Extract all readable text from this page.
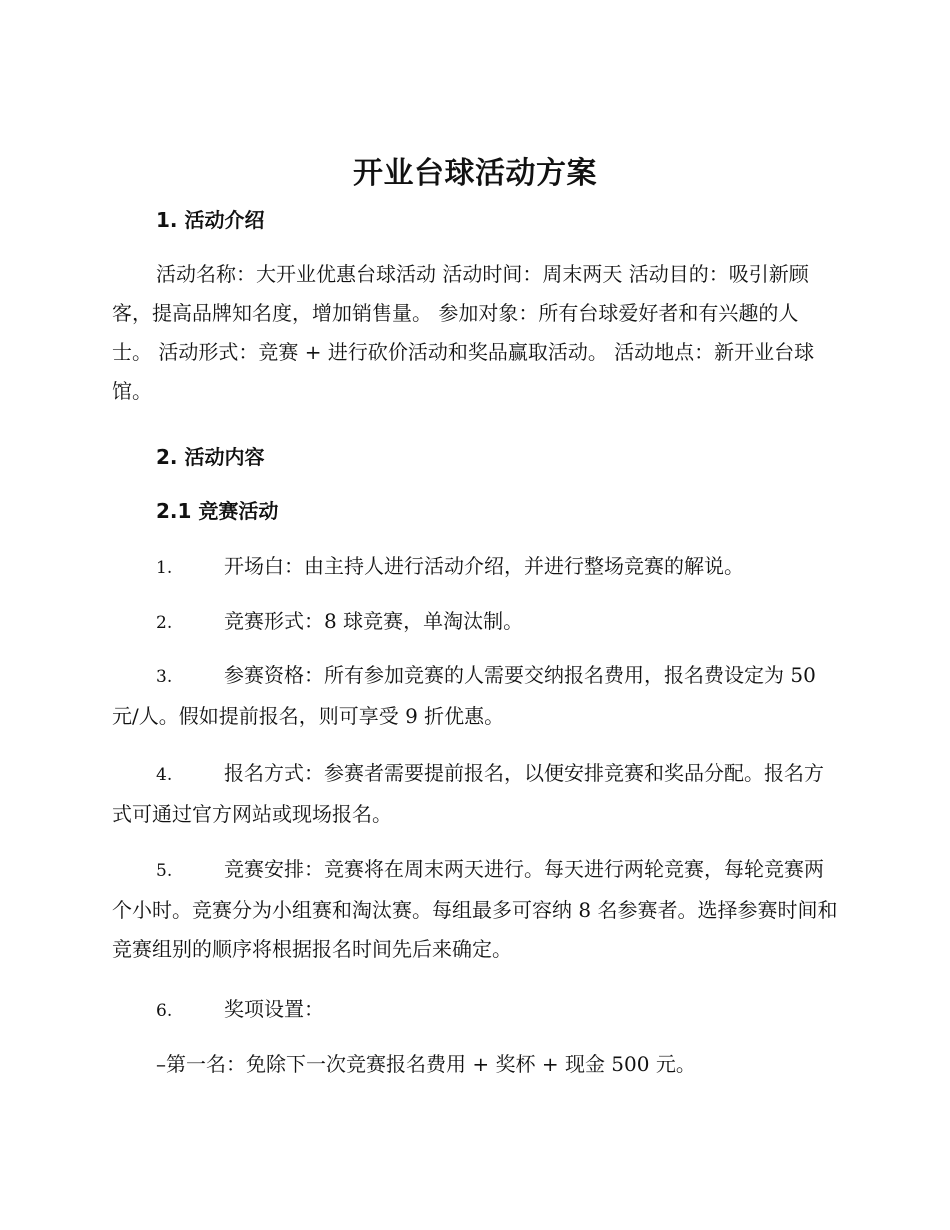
开业台球活动方案
1. 活动介绍
活动名称：大开业优惠台球活动 活动时间：周末两天 活动目的：吸引新顾客，提高品牌知名度，增加销售量。 参加对象：所有台球爱好者和有兴趣的人士。 活动形式：竞赛 + 进行砍价活动和奖品赢取活动。 活动地点：新开业台球馆。
2. 活动内容
2.1 竞赛活动
1.	开场白：由主持人进行活动介绍，并进行整场竞赛的解说。
2.	竞赛形式：8 球竞赛，单淘汰制。
3.	参赛资格：所有参加竞赛的人需要交纳报名费用，报名费设定为 50 元/人。假如提前报名，则可享受 9 折优惠。
4.	报名方式：参赛者需要提前报名，以便安排竞赛和奖品分配。报名方式可通过官方网站或现场报名。
5.	竞赛安排：竞赛将在周末两天进行。每天进行两轮竞赛，每轮竞赛两个小时。竞赛分为小组赛和淘汰赛。每组最多可容纳 8 名参赛者。选择参赛时间和竞赛组别的顺序将根据报名时间先后来确定。
6.	奖项设置：
–第一名：免除下一次竞赛报名费用 + 奖杯 + 现金 500 元。
